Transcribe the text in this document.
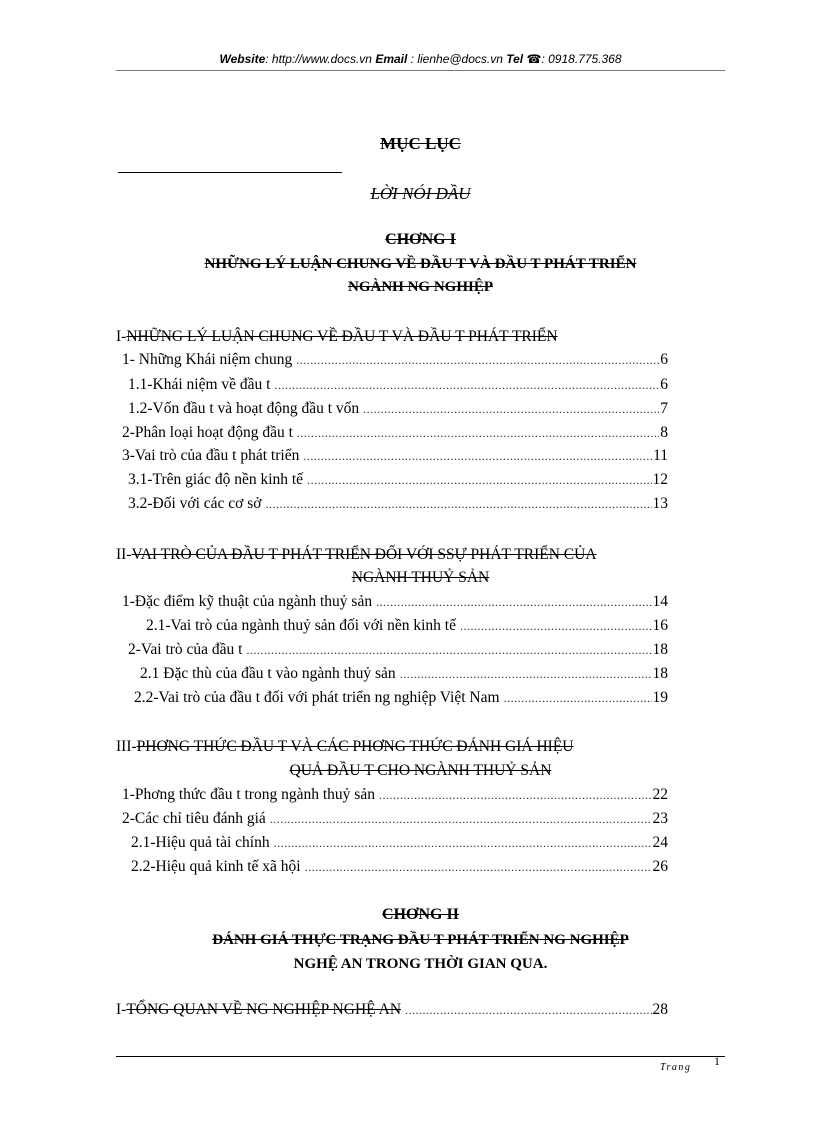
Website: http://www.docs.vn Email : lienhe@docs.vn Tel ☎: 0918.775.368
MỤC LỤC
LỜI NÓI ĐẦU
CHƠNG I
NHỮNG LÝ LUẬN CHUNG VỀ ĐẦU T VÀ ĐẦU T PHÁT TRIỂN
NGÀNH NG NGHIỆP
I-NHỮNG LÝ LUẬN CHUNG VỀ ĐẦU T VÀ ĐẦU T PHÁT TRIỂN
1- Những Khái niệm chung .....	6
1.1-Khái niệm về đầu t .....	6
1.2-Vốn đầu t và hoạt động đầu t vốn .....	7
2-Phân loại hoạt động đầu t .....	8
3-Vai trò của đầu t phát triển .....	11
3.1-Trên giác độ nền kinh tế .....	12
3.2-Đối với các cơ sở .....	13
II-VAI TRÒ CỦA ĐẦU T PHÁT TRIỂN ĐỐI VỚI SSỰ PHÁT TRIỂN CỦA
NGÀNH THUỶ SẢN
1-Đặc điểm kỹ thuật của ngành thuỷ sản .....	14
2.1-Vai trò của ngành thuỷ sản đối với nền kinh tế .....	16
2-Vai trò của đầu t .....	18
2.1 Đặc thù của đầu t vào ngành thuỷ sản .....	18
2.2-Vai trò của đầu t đối với phát triển ng nghiệp Việt Nam .....	19
III-PHƠNG THỨC ĐẦU T VÀ CÁC PHƠNG THỨC ĐÁNH GIÁ HIỆU
QUẢ ĐẦU T CHO NGÀNH THUỶ SẢN
1-Phơng thức đầu t trong ngành thuỷ sản .....	22
2-Các chỉ tiêu đánh giá .....	23
2.1-Hiệu quả tài chính .....	24
2.2-Hiệu quả kinh tế xã hội .....	26
CHƠNG II
ĐÁNH GIÁ THỰC TRẠNG ĐẦU T PHÁT TRIỂN NG NGHIỆP
NGHỆ AN TRONG THỜI GIAN QUA.
I-TỔNG QUAN VỀ NG NGHIỆP NGHỆ AN .....	28
Trang 1
